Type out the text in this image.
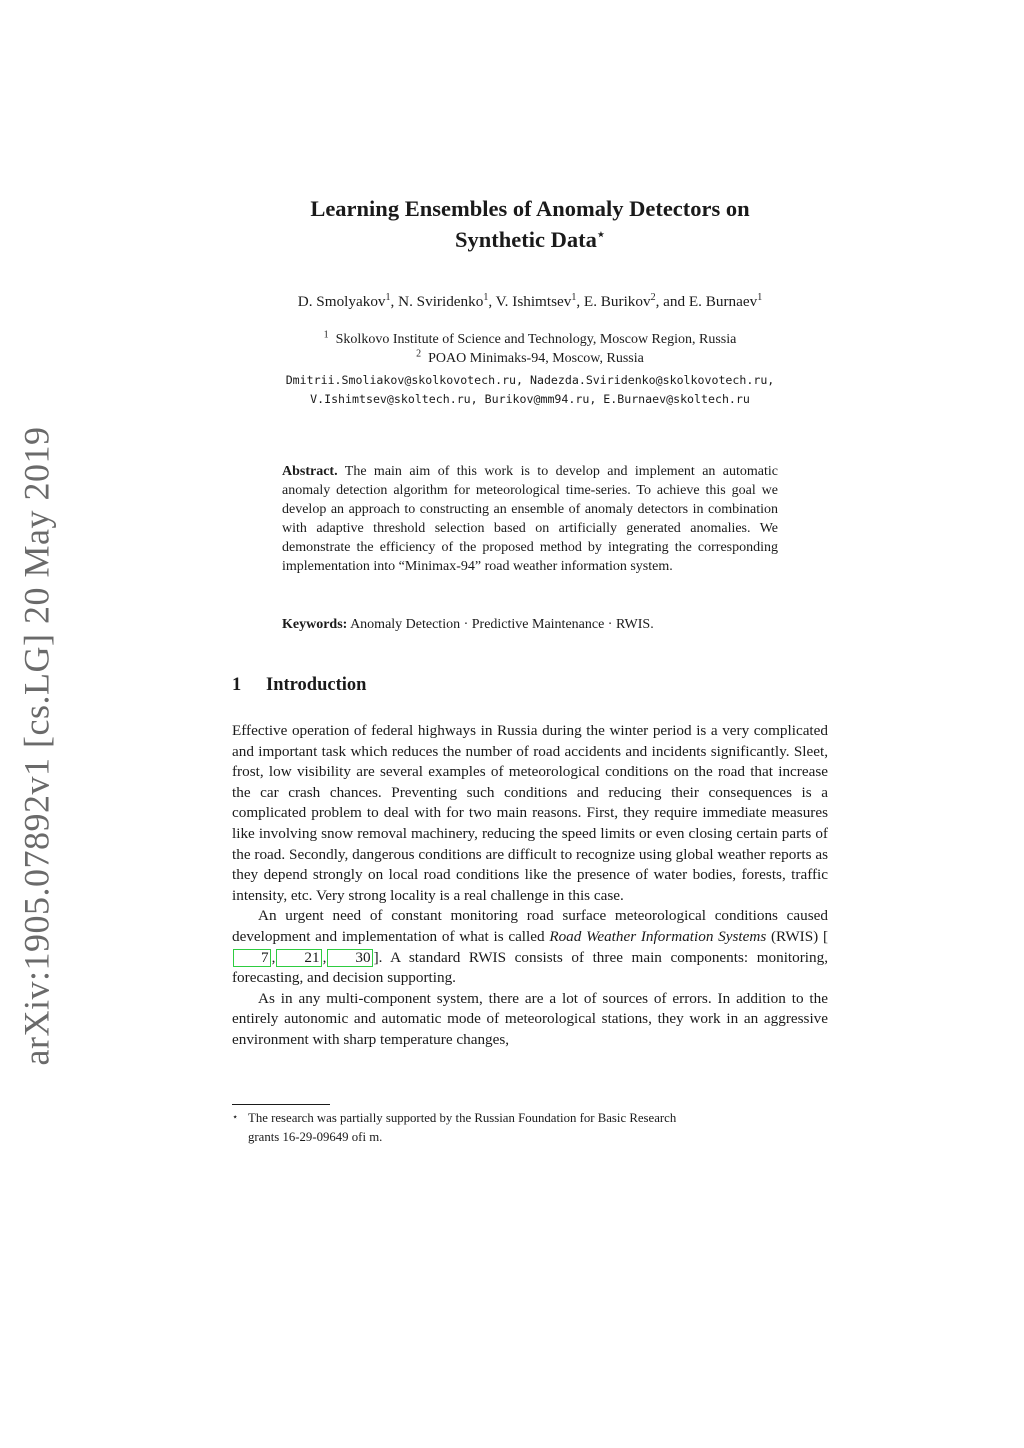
arXiv:1905.07892v1 [cs.LG] 20 May 2019
Learning Ensembles of Anomaly Detectors on
Synthetic Data⋆
D. Smolyakov$^1$, N. Sviridenko$^1$, V. Ishimtsev$^1$, E. Burikov$^2$, and E. Burnaev$^1$
$^1$ Skolkovo Institute of Science and Technology, Moscow Region, Russia
$^2$ POAO Minimaks-94, Moscow, Russia
Dmitrii.Smoliakov@skolkovotech.ru, Nadezda.Sviridenko@skolkovotech.ru,
V.Ishimtsev@skoltech.ru, Burikov@mm94.ru, E.Burnaev@skoltech.ru
Abstract. The main aim of this work is to develop and implement an automatic anomaly detection algorithm for meteorological time-series. To achieve this goal we develop an approach to constructing an ensemble of anomaly detectors in combination with adaptive threshold selection based on artificially generated anomalies. We demonstrate the efficiency of the proposed method by integrating the corresponding implementation into “Minimax-94” road weather information system.
Keywords: Anomaly Detection · Predictive Maintenance · RWIS.
1 Introduction

Effective operation of federal highways in Russia during the winter period is a very complicated and important task which reduces the number of road accidents and incidents significantly. Sleet, frost, low visibility are several examples of meteorological conditions on the road that increase the car crash chances. Preventing such conditions and reducing their consequences is a complicated problem to deal with for two main reasons. First, they require immediate measures like involving snow removal machinery, reducing the speed limits or even closing certain parts of the road. Secondly, dangerous conditions are difficult to recognize using global weather reports as they depend strongly on local road conditions like the presence of water bodies, forests, traffic intensity, etc. Very strong locality is a real challenge in this case.

An urgent need of constant monitoring road surface meteorological conditions caused development and implementation of what is called Road Weather Information Systems (RWIS) [7 , 21 , 30 ]. A standard RWIS consists of three main components: monitoring, forecasting, and decision supporting.

As in any multi-component system, there are a lot of sources of errors. In addition to the entirely autonomic and automatic mode of meteorological stations, they work in an aggressive environment with sharp temperature changes,

⋆ The research was partially supported by the Russian Foundation for Basic Research
grants 16-29-09649 ofi m.
